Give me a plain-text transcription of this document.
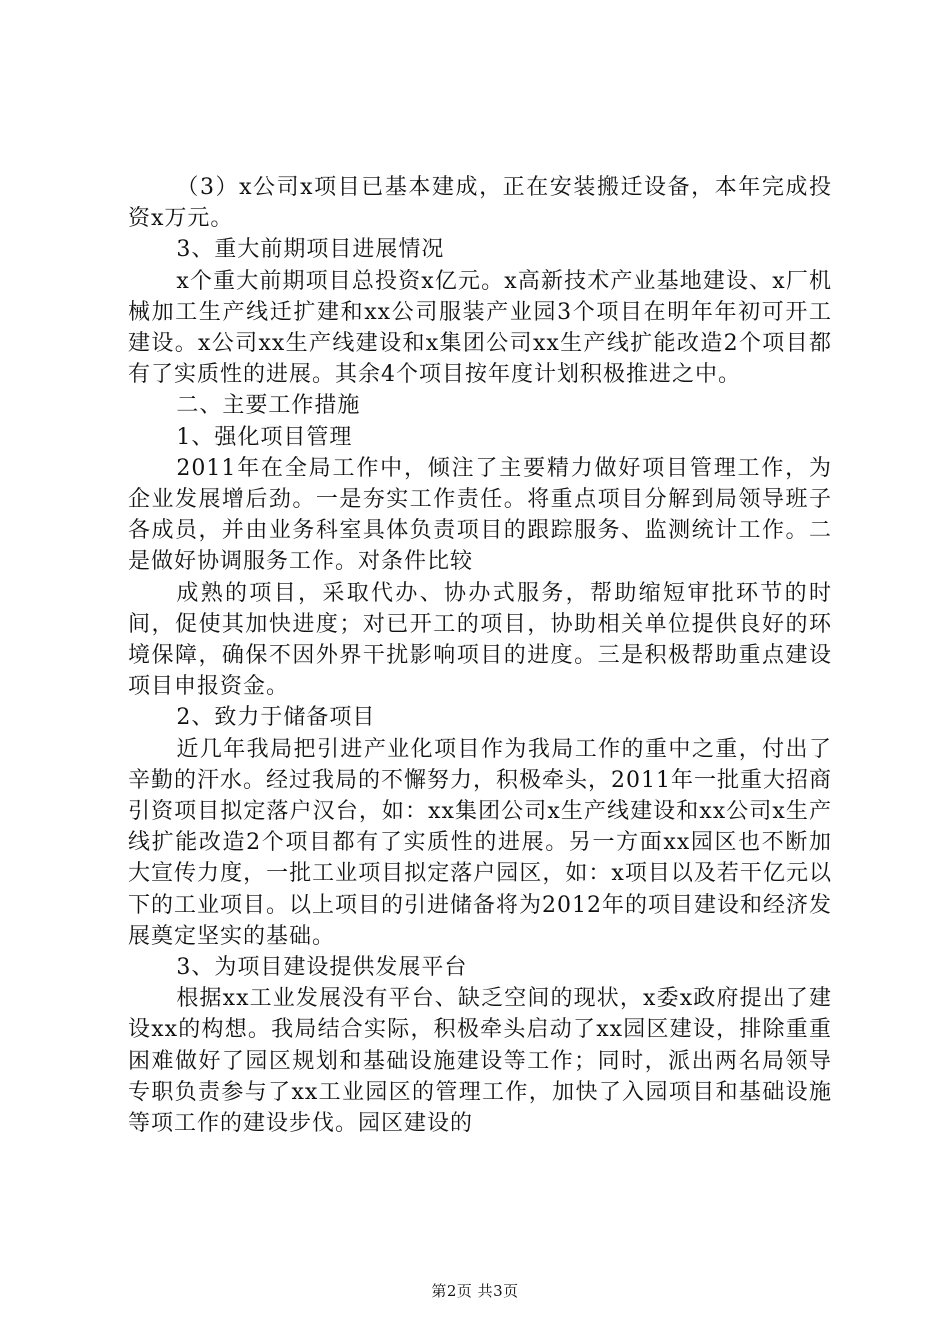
（3）x公司x项目已基本建成，正在安装搬迁设备，本年完成投资x万元。

3、重大前期项目进展情况

x个重大前期项目总投资x亿元。x高新技术产业基地建设、x厂机械加工生产线迁扩建和xx公司服装产业园3个项目在明年年初可开工建设。x公司xx生产线建设和x集团公司xx生产线扩能改造2个项目都有了实质性的进展。其余4个项目按年度计划积极推进之中。

二、主要工作措施

1、强化项目管理

2011年在全局工作中，倾注了主要精力做好项目管理工作，为企业发展增后劲。一是夯实工作责任。将重点项目分解到局领导班子各成员，并由业务科室具体负责项目的跟踪服务、监测统计工作。二是做好协调服务工作。对条件比较

成熟的项目，采取代办、协办式服务，帮助缩短审批环节的时间，促使其加快进度；对已开工的项目，协助相关单位提供良好的环境保障，确保不因外界干扰影响项目的进度。三是积极帮助重点建设项目申报资金。

2、致力于储备项目

近几年我局把引进产业化项目作为我局工作的重中之重，付出了辛勤的汗水。经过我局的不懈努力，积极牵头，2011年一批重大招商引资项目拟定落户汉台，如：xx集团公司x生产线建设和xx公司x生产线扩能改造2个项目都有了实质性的进展。另一方面xx园区也不断加大宣传力度，一批工业项目拟定落户园区，如：x项目以及若干亿元以下的工业项目。以上项目的引进储备将为2012年的项目建设和经济发展奠定坚实的基础。

3、为项目建设提供发展平台

根据xx工业发展没有平台、缺乏空间的现状，x委x政府提出了建设xx的构想。我局结合实际，积极牵头启动了xx园区建设，排除重重困难做好了园区规划和基础设施建设等工作；同时，派出两名局领导专职负责参与了xx工业园区的管理工作，加快了入园项目和基础设施等项工作的建设步伐。园区建设的

第2页 共3页
